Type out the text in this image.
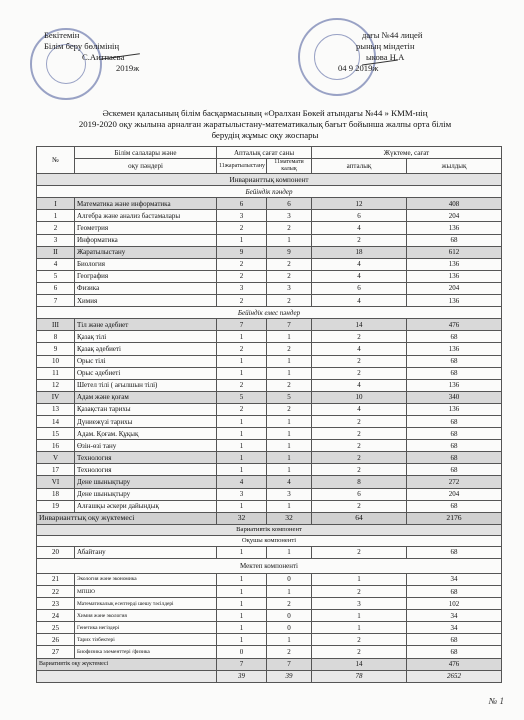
Бекітемін
Білім беру бөлімінің
С.Аитпаева
2019ж
дағы №44 лицей
рының міндетін
ыкова Н.А
04 9 2019ж
Әскемен қаласының білім басқармасының «Оралхан Бөкей атындағы №44 » КММ-нің
2019-2020 оқу жылына арналған жаратылыстану-математикалық бағыт бойынша жалпы орта білім
берудің жұмыс оқу жоспары
№	Білім салалары және	Апталық сағат саны		Жүктеме, сағат	
	оқу пәндері	11жаратылыстану	11математи калық	апталық	жылдық
Инварианттық компонент					
Бейіндік пәндер					
I	Математика және информатика	6	6	12	408
1	Алгебра және анализ бастамалары	3	3	6	204
2	Геометрия	2	2	4	136
3	Информатика	1	1	2	68
II	Жаратылыстану	9	9	18	612
4	Биология	2	2	4	136
5	География	2	2	4	136
6	Физика	3	3	6	204
7	Химия	2	2	4	136
Бейіндік емес пәндер					
III	Тіл және әдебиет	7	7	14	476
8	Қазақ тілі	1	1	2	68
9	Қазақ әдебиеті	2	2	4	136
10	Орыс тілі	1	1	2	68
11	Орыс әдебиеті	1	1	2	68
12	Шетел тілі ( ағылшын тілі)	2	2	4	136
IV	Адам және қоғам	5	5	10	340
13	Қазақстан тарихы	2	2	4	136
14	Дүниежүзі тарихы	1	1	2	68
15	Адам. Қоғам. Құқық	1	1	2	68
16	Өзін-өзі тану	1	1	2	68
V	Технология	1	1	2	68
17	Технология	1	1	2	68
VI	Дене шынықтыру	4	4	8	272
18	Дене шынықтыру	3	3	6	204
19	Алғашқы әскери дайындық	1	1	2	68
Инварианттық оқу жүктемесі		32	32	64	2176
Вариативтік компонент					
Оқушы компоненті					
20	Абайтану	1	1	2	68
Мектеп компоненті					
21	Экология және экономика	1	0	1	34
22	МПШО	1	1	2	68
23	Математикалық есептерді шешу тәсілдері	1	2	3	102
24	Химия және экология	1	0	1	34
25	Генетика негіздері	1	0	1	34
26	Тарих тізбектері	1	1	2	68
27	Биофизика элементтері /физика	0	2	2	68
Вариативтік оқу жүктемесі		7	7	14	476
		39	39	78	2652
№ 1
